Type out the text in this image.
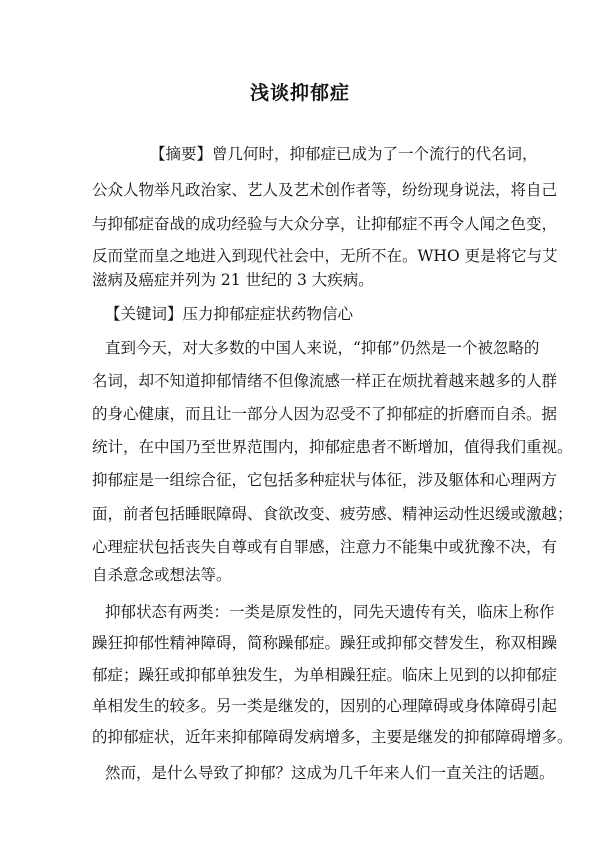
浅谈抑郁症
【摘要】曾几何时，抑郁症已成为了一个流行的代名词，
公众人物举凡政治家、艺人及艺术创作者等，纷纷现身说法，将自己
与抑郁症奋战的成功经验与大众分享，让抑郁症不再令人闻之色变，
反而堂而皇之地进入到现代社会中，无所不在。WHO 更是将它与艾
滋病及癌症并列为 21 世纪的 3 大疾病。
【关键词】压力抑郁症症状药物信心
直到今天，对大多数的中国人来说，“抑郁”仍然是一个被忽略的
名词，却不知道抑郁情绪不但像流感一样正在烦扰着越来越多的人群
的身心健康，而且让一部分人因为忍受不了抑郁症的折磨而自杀。据
统计，在中国乃至世界范围内，抑郁症患者不断增加，值得我们重视。
抑郁症是一组综合征，它包括多种症状与体征，涉及躯体和心理两方
面，前者包括睡眠障碍、食欲改变、疲劳感、精神运动性迟缓或激越；
心理症状包括丧失自尊或有自罪感，注意力不能集中或犹豫不决，有
自杀意念或想法等。
抑郁状态有两类：一类是原发性的，同先天遗传有关，临床上称作
躁狂抑郁性精神障碍，简称躁郁症。躁狂或抑郁交替发生，称双相躁
郁症；躁狂或抑郁单独发生，为单相躁狂症。临床上见到的以抑郁症
单相发生的较多。另一类是继发的，因别的心理障碍或身体障碍引起
的抑郁症状，近年来抑郁障碍发病增多，主要是继发的抑郁障碍增多。
然而，是什么导致了抑郁？这成为几千年来人们一直关注的话题。
